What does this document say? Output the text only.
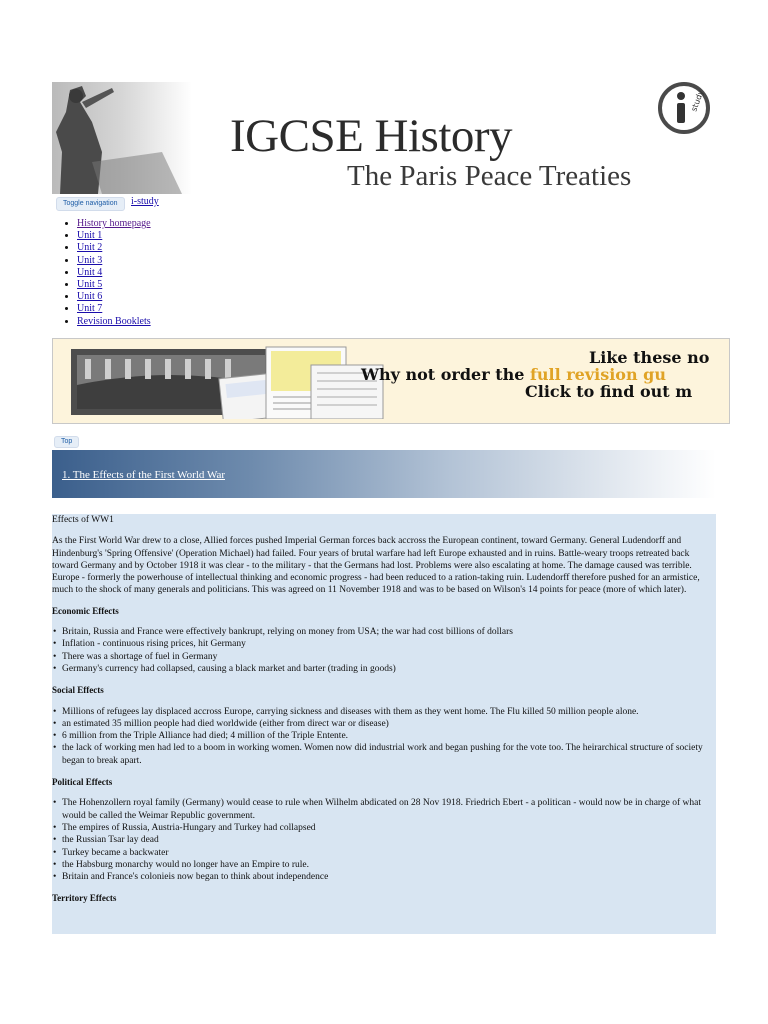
IGCSE History
The Paris Peace Treaties
study
Toggle navigation	i-study
• History homepage
• Unit 1
• Unit 2
• Unit 3
• Unit 4
• Unit 5
• Unit 6
• Unit 7
• Revision Booklets
Like these no
Why not order the full revision gu
Click to find out m
Top
1. The Effects of the First World War

Effects of WW1

As the First World War drew to a close, Allied forces pushed Imperial German forces back accross the European continent, toward Germany. General Ludendorff and Hindenburg's 'Spring Offensive' (Operation Michael) had failed. Four years of brutal warfare had left Europe exhausted and in ruins. Battle-weary troops retreated back toward Germany and by October 1918 it was clear - to the military - that the Germans had lost. Problems were also escalating at home. The damage caused was terrible. Europe - formerly the powerhouse of intellectual thinking and economic progress - had been reduced to a ration-taking ruin. Ludendorff therefore pushed for an armistice, much to the shock of many generals and politicians. This was agreed on 11 November 1918 and was to be based on Wilson's 14 points for peace (more of which later).

Economic Effects

• Britain, Russia and France were effectively bankrupt, relying on money from USA; the war had cost billions of dollars

• Inflation - continuous rising prices, hit Germany

• There was a shortage of fuel in Germany

• Germany's currency had collapsed, causing a black market and barter (trading in goods)

Social Effects

• Millions of refugees lay displaced accross Europe, carrying sickness and diseases with them as they went home. The Flu killed 50 million people alone.

• an estimated 35 million people had died worldwide (either from direct war or disease)

• 6 million from the Triple Alliance had died; 4 million of the Triple Entente.

• the lack of working men had led to a boom in working women. Women now did industrial work and began pushing for the vote too. The heirarchical structure of society began to break apart.

Political Effects

• The Hohenzollern royal family (Germany) would cease to rule when Wilhelm abdicated on 28 Nov 1918. Friedrich Ebert - a politican - would now be in charge of what would be called the Weimar Republic government.

• The empires of Russia, Austria-Hungary and Turkey had collapsed

• the Russian Tsar lay dead

• Turkey became a backwater

• the Habsburg monarchy would no longer have an Empire to rule.

• Britain and France's colonieis now began to think about independence

Territory Effects
